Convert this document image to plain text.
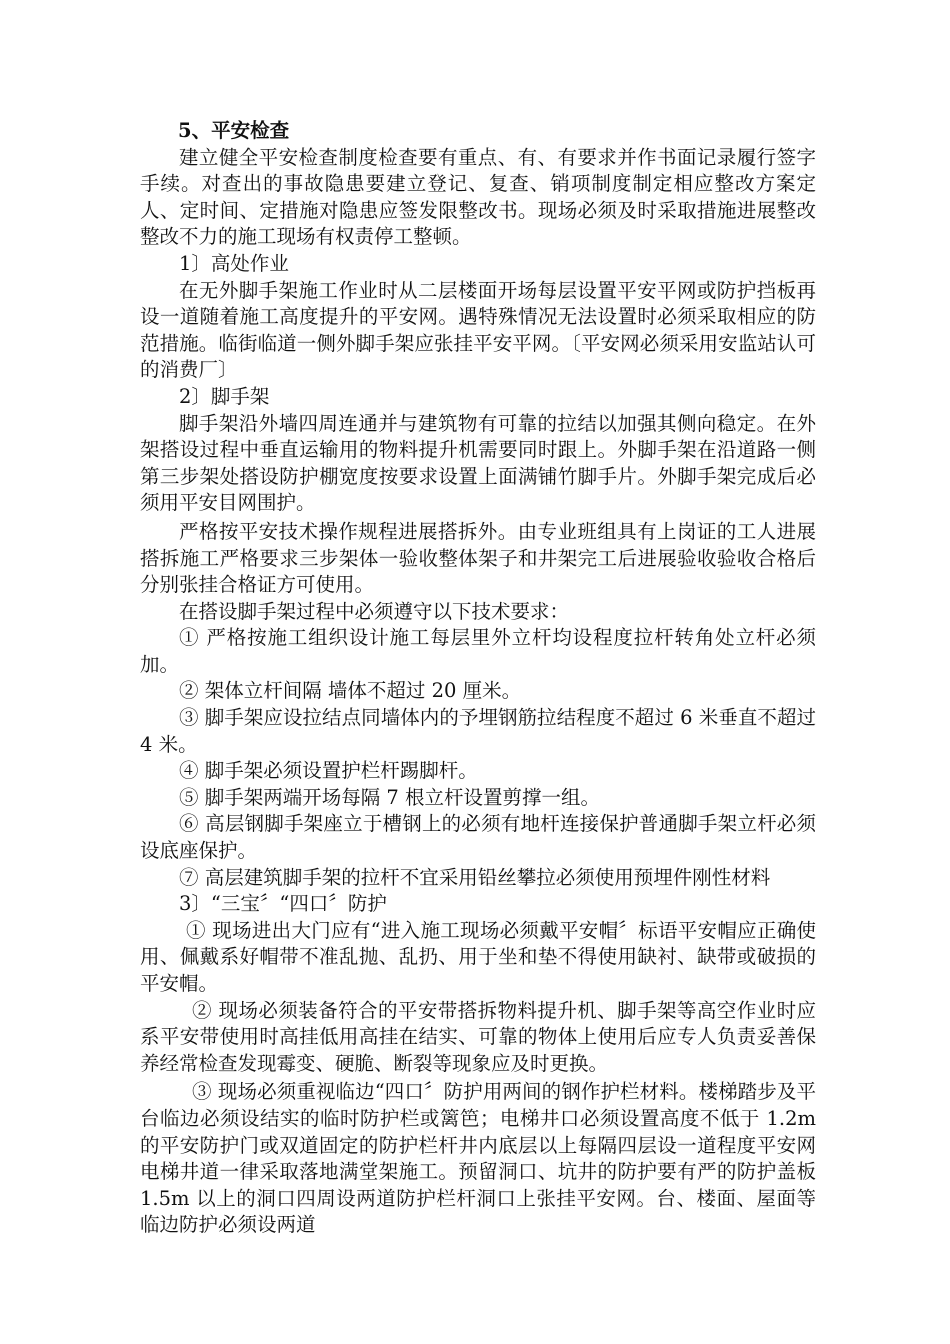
5、平安检查

建立健全平安检查制度检查要有重点、有、有要求并作书面记录履行签字手续。对查出的事故隐患要建立登记、复查、销项制度制定相应整改方案定人、定时间、定措施对隐患应签发限整改书。现场必须及时采取措施进展整改整改不力的施工现场有权责停工整顿。

1〕高处作业

在无外脚手架施工作业时从二层楼面开场每层设置平安平网或防护挡板再设一道随着施工高度提升的平安网。遇特殊情况无法设置时必须采取相应的防范措施。临街临道一侧外脚手架应张挂平安平网。〔平安网必须采用安监站认可的消费厂〕

2〕脚手架

脚手架沿外墙四周连通并与建筑物有可靠的拉结以加强其侧向稳定。在外架搭设过程中垂直运输用的物料提升机需要同时跟上。外脚手架在沿道路一侧第三步架处搭设防护棚宽度按要求设置上面满铺竹脚手片。外脚手架完成后必须用平安目网围护。

严格按平安技术操作规程进展搭拆外。由专业班组具有上岗证的工人进展搭拆施工严格要求三步架体一验收整体架子和井架完工后进展验收验收合格后分别张挂合格证方可使用。

在搭设脚手架过程中必须遵守以下技术要求：

① 严格按施工组织设计施工每层里外立杆均设程度拉杆转角处立杆必须加。

② 架体立杆间隔 墙体不超过 20 厘米。

③ 脚手架应设拉结点同墙体内的予埋钢筋拉结程度不超过 6 米垂直不超过 4 米。

④ 脚手架必须设置护栏杆踢脚杆。

⑤ 脚手架两端开场每隔 7 根立杆设置剪撑一组。

⑥ 高层钢脚手架座立于槽钢上的必须有地杆连接保护普通脚手架立杆必须设底座保护。

⑦ 高层建筑脚手架的拉杆不宜采用铅丝攀拉必须使用预埋件刚性材料

3〕“三宝〞“四口〞防护

① 现场进出大门应有“进入施工现场必须戴平安帽〞标语平安帽应正确使用、佩戴系好帽带不准乱抛、乱扔、用于坐和垫不得使用缺衬、缺带或破损的平安帽。

② 现场必须装备符合的平安带搭拆物料提升机、脚手架等高空作业时应系平安带使用时高挂低用高挂在结实、可靠的物体上使用后应专人负责妥善保养经常检查发现霉变、硬脆、断裂等现象应及时更换。

③ 现场必须重视临边“四口〞防护用两间的钢作护栏材料。楼梯踏步及平台临边必须设结实的临时防护栏或篱笆；电梯井口必须设置高度不低于 1.2m 的平安防护门或双道固定的防护栏杆井内底层以上每隔四层设一道程度平安网电梯井道一律采取落地满堂架施工。预留洞口、坑井的防护要有严的防护盖板 1.5m 以上的洞口四周设两道防护栏杆洞口上张挂平安网。台、楼面、屋面等临边防护必须设两道
